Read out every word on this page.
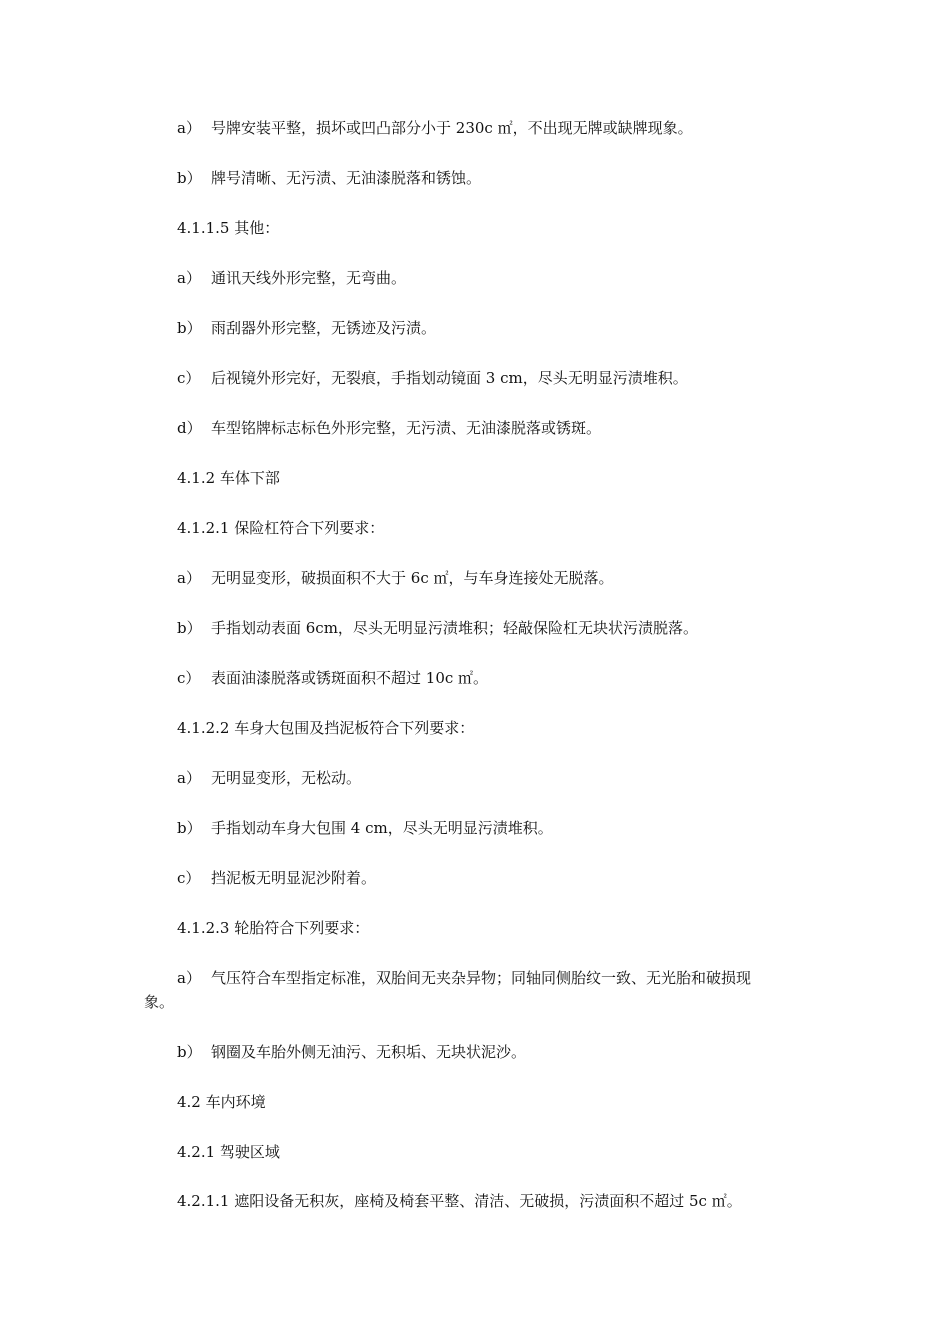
a） 号牌安装平整，损坏或凹凸部分小于 230c ㎡，不出现无牌或缺牌现象。
b） 牌号清晰、无污渍、无油漆脱落和锈蚀。
4.1.1.5 其他：
a） 通讯天线外形完整，无弯曲。
b） 雨刮器外形完整，无锈迹及污渍。
c） 后视镜外形完好，无裂痕，手指划动镜面 3 cm，尽头无明显污渍堆积。
d） 车型铭牌标志标色外形完整，无污渍、无油漆脱落或锈斑。
4.1.2 车体下部
4.1.2.1 保险杠符合下列要求：
a） 无明显变形，破损面积不大于 6c ㎡，与车身连接处无脱落。
b） 手指划动表面 6cm，尽头无明显污渍堆积；轻敲保险杠无块状污渍脱落。
c） 表面油漆脱落或锈斑面积不超过 10c ㎡。
4.1.2.2 车身大包围及挡泥板符合下列要求：
a） 无明显变形，无松动。
b） 手指划动车身大包围 4 cm，尽头无明显污渍堆积。
c） 挡泥板无明显泥沙附着。
4.1.2.3 轮胎符合下列要求：
a） 气压符合车型指定标准，双胎间无夹杂异物；同轴同侧胎纹一致、无光胎和破损现
象。
b） 钢圈及车胎外侧无油污、无积垢、无块状泥沙。
4.2 车内环境
4.2.1 驾驶区域
4.2.1.1 遮阳设备无积灰，座椅及椅套平整、清洁、无破损，污渍面积不超过 5c ㎡。
